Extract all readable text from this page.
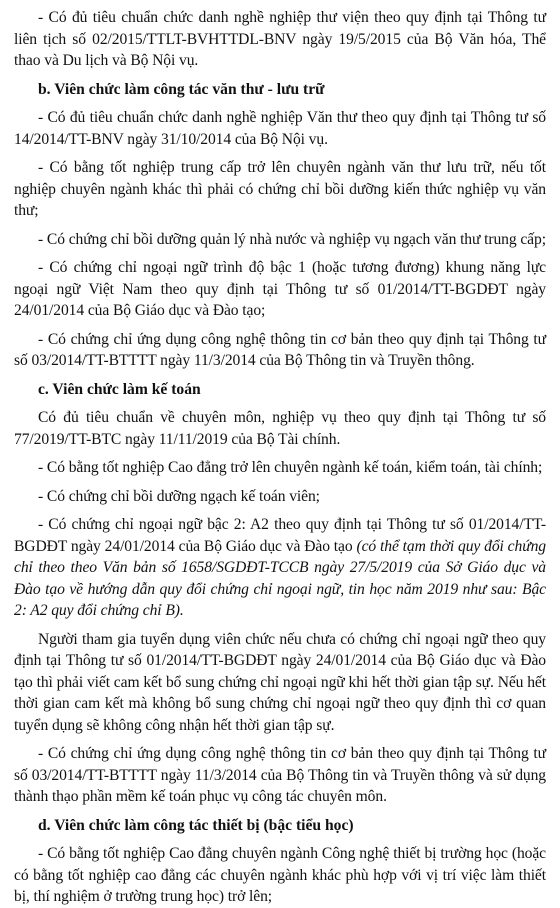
- Có đủ tiêu chuẩn chức danh nghề nghiệp thư viện theo quy định tại Thông tư liên tịch số 02/2015/TTLT-BVHTTDL-BNV ngày 19/5/2015 của Bộ Văn hóa, Thể thao và Du lịch và Bộ Nội vụ.

b. Viên chức làm công tác văn thư - lưu trữ

- Có đủ tiêu chuẩn chức danh nghề nghiệp Văn thư theo quy định tại Thông tư số 14/2014/TT-BNV ngày 31/10/2014 của Bộ Nội vụ.

- Có bằng tốt nghiệp trung cấp trở lên chuyên ngành văn thư lưu trữ, nếu tốt nghiệp chuyên ngành khác thì phải có chứng chỉ bồi dưỡng kiến thức nghiệp vụ văn thư;

- Có chứng chỉ bồi dưỡng quản lý nhà nước và nghiệp vụ ngạch văn thư trung cấp;

- Có chứng chỉ ngoại ngữ trình độ bậc 1 (hoặc tương đương) khung năng lực ngoại ngữ Việt Nam theo quy định tại Thông tư số 01/2014/TT-BGDĐT ngày 24/01/2014 của Bộ Giáo dục và Đào tạo;

- Có chứng chỉ ứng dụng công nghệ thông tin cơ bản theo quy định tại Thông tư số 03/2014/TT-BTTTT ngày 11/3/2014 của Bộ Thông tin và Truyền thông.

c. Viên chức làm kế toán

Có đủ tiêu chuẩn về chuyên môn, nghiệp vụ theo quy định tại Thông tư số 77/2019/TT-BTC ngày 11/11/2019 của Bộ Tài chính.

- Có bằng tốt nghiệp Cao đẳng trở lên chuyên ngành kế toán, kiểm toán, tài chính;

- Có chứng chỉ bồi dưỡng ngạch kế toán viên;

- Có chứng chỉ ngoại ngữ bậc 2: A2 theo quy định tại Thông tư số 01/2014/TT-BGDĐT ngày 24/01/2014 của Bộ Giáo dục và Đào tạo (có thể tạm thời quy đổi chứng chỉ theo theo Văn bản số 1658/SGDĐT-TCCB ngày 27/5/2019 của Sở Giáo dục và Đào tạo về hướng dẫn quy đổi chứng chỉ ngoại ngữ, tin học năm 2019 như sau: Bậc 2: A2 quy đổi chứng chỉ B).

Người tham gia tuyển dụng viên chức nếu chưa có chứng chỉ ngoại ngữ theo quy định tại Thông tư số 01/2014/TT-BGDĐT ngày 24/01/2014 của Bộ Giáo dục và Đào tạo thì phải viết cam kết bổ sung chứng chỉ ngoại ngữ khi hết thời gian tập sự. Nếu hết thời gian cam kết mà không bổ sung chứng chỉ ngoại ngữ theo quy định thì cơ quan tuyển dụng sẽ không công nhận hết thời gian tập sự.

- Có chứng chỉ ứng dụng công nghệ thông tin cơ bản theo quy định tại Thông tư số 03/2014/TT-BTTTT ngày 11/3/2014 của Bộ Thông tin và Truyền thông và sử dụng thành thạo phần mềm kế toán phục vụ công tác chuyên môn.

d. Viên chức làm công tác thiết bị (bậc tiểu học)

- Có bằng tốt nghiệp Cao đẳng chuyên ngành Công nghệ thiết bị trường học (hoặc có bằng tốt nghiệp cao đẳng các chuyên ngành khác phù hợp với vị trí việc làm thiết bị, thí nghiệm ở trường trung học) trở lên;
